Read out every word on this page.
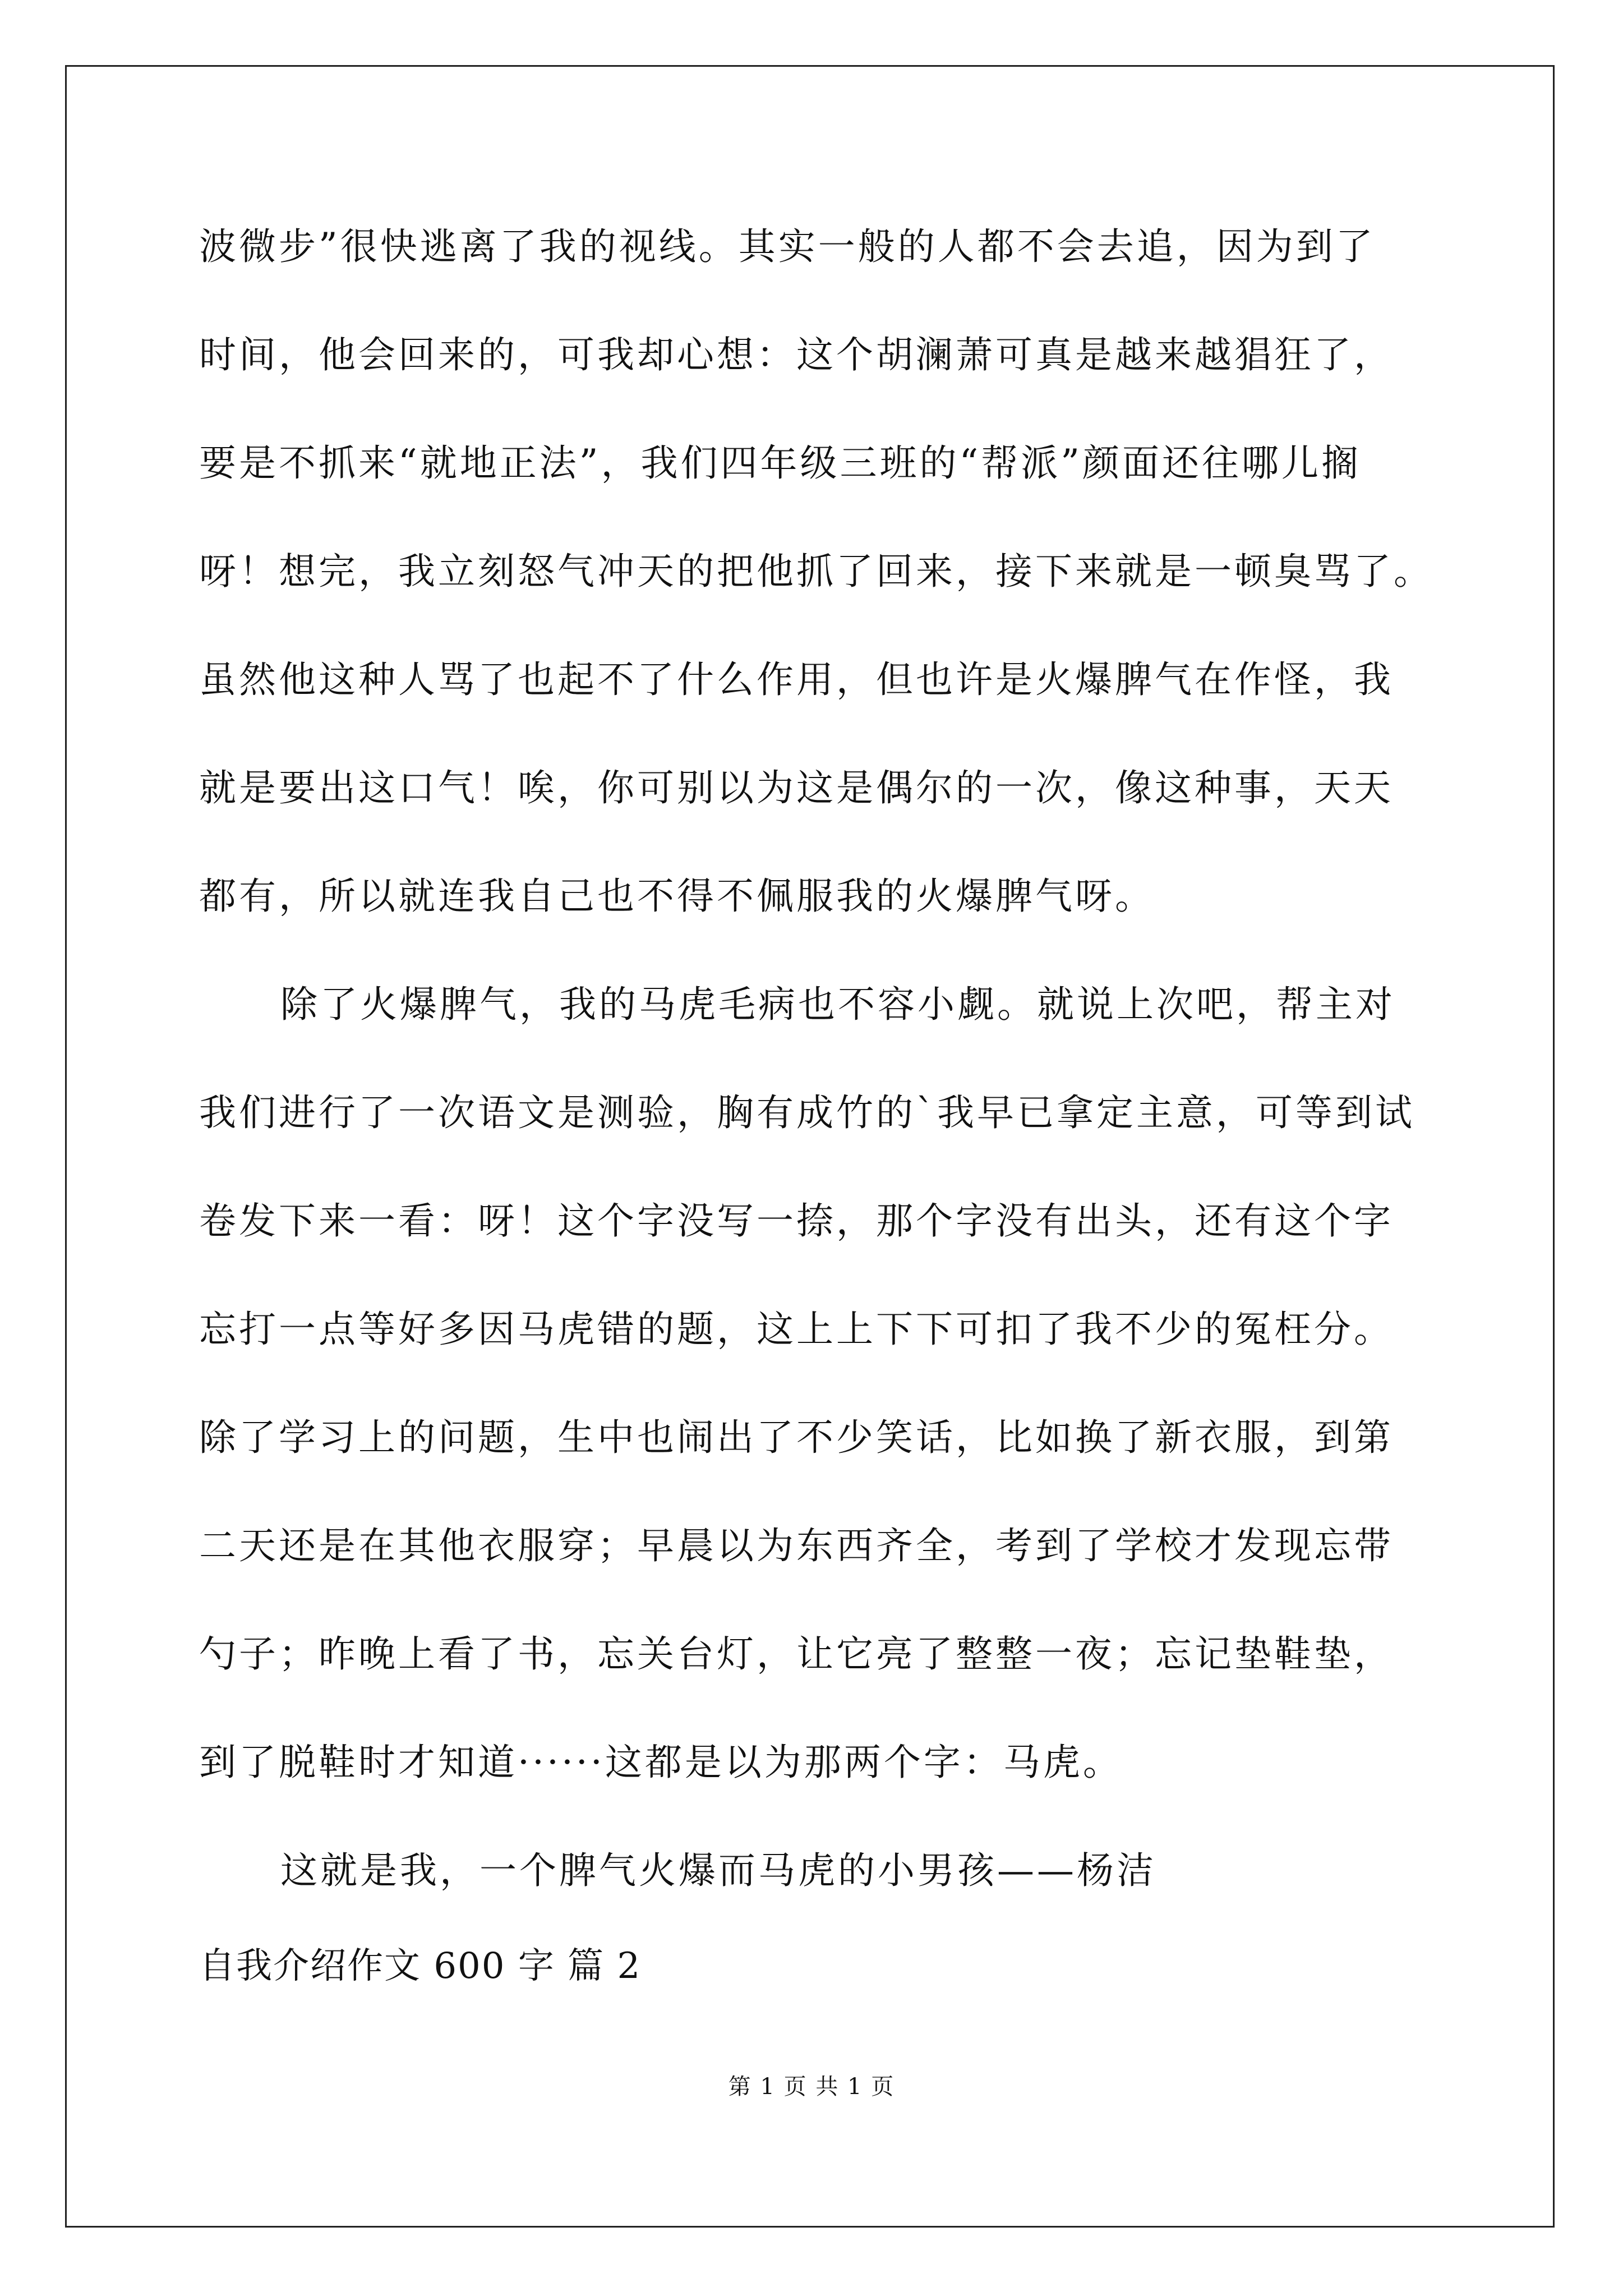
波微步”很快逃离了我的视线。其实一般的人都不会去追，因为到了
时间，他会回来的，可我却心想：这个胡澜萧可真是越来越猖狂了，
要是不抓来“就地正法”，我们四年级三班的“帮派”颜面还往哪儿搁
呀！想完，我立刻怒气冲天的把他抓了回来，接下来就是一顿臭骂了。
虽然他这种人骂了也起不了什么作用，但也许是火爆脾气在作怪，我
就是要出这口气！唉，你可别以为这是偶尔的一次，像这种事，天天
都有，所以就连我自己也不得不佩服我的火爆脾气呀。
除了火爆脾气，我的马虎毛病也不容小觑。就说上次吧，帮主对
我们进行了一次语文是测验，胸有成竹的`我早已拿定主意，可等到试
卷发下来一看：呀！这个字没写一捺，那个字没有出头，还有这个字
忘打一点等好多因马虎错的题，这上上下下可扣了我不少的冤枉分。
除了学习上的问题，生中也闹出了不少笑话，比如换了新衣服，到第
二天还是在其他衣服穿；早晨以为东西齐全，考到了学校才发现忘带
勺子；昨晚上看了书，忘关台灯，让它亮了整整一夜；忘记垫鞋垫，
到了脱鞋时才知道······这都是以为那两个字：马虎。
这就是我，一个脾气火爆而马虎的小男孩——杨洁
自我介绍作文 600 字 篇 2
第 1 页 共 1 页
